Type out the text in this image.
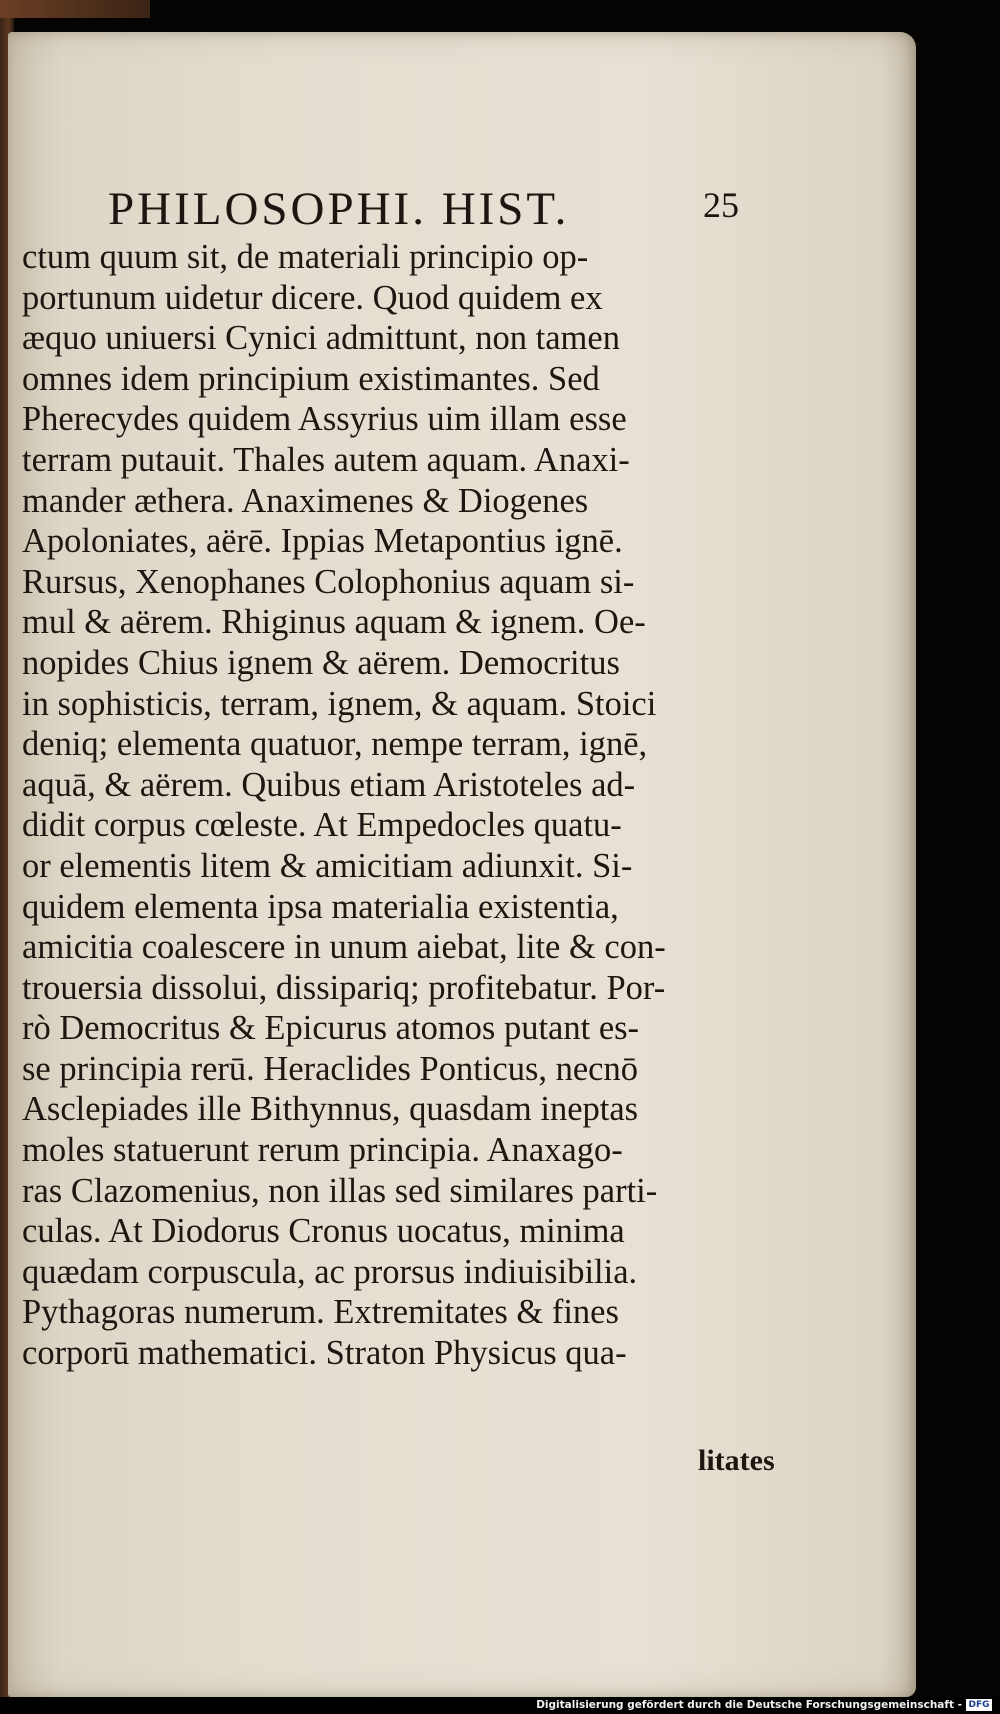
PHILOSOPHI. HIST.	25
ctum quum sit, de materiali principio op-
portunum uidetur dicere. Quod quidem ex
æquo uniuersi Cynici admittunt, non tamen
omnes idem principium existimantes. Sed
Pherecydes quidem Assyrius uim illam esse
terram putauit. Thales autem aquam. Anaxi-
mander æthera. Anaximenes & Diogenes
Apoloniates, aërē. Ippias Metapontius ignē.
Rursus, Xenophanes Colophonius aquam si-
mul & aërem. Rhiginus aquam & ignem. Oe-
nopides Chius ignem & aërem. Democritus
in sophisticis, terram, ignem, & aquam. Stoici
deniq; elementa quatuor, nempe terram, ignē,
aquā, & aërem. Quibus etiam Aristoteles ad-
didit corpus cœleste. At Empedocles quatu-
or elementis litem & amicitiam adiunxit. Si-
quidem elementa ipsa materialia existentia,
amicitia coalescere in unum aiebat, lite & con-
trouersia dissolui, dissipariq; profitebatur. Por-
rò Democritus & Epicurus atomos putant es-
se principia rerū. Heraclides Ponticus, necnō
Asclepiades ille Bithynnus, quasdam ineptas
moles statuerunt rerum principia. Anaxago-
ras Clazomenius, non illas sed similares parti-
culas. At Diodorus Cronus uocatus, minima
quædam corpuscula, ac prorsus indiuisibilia.
Pythagoras numerum. Extremitates & fines
corporū mathematici. Straton Physicus qua-
litates
Digitalisierung gefördert durch die Deutsche Forschungsgemeinschaft - DFG
